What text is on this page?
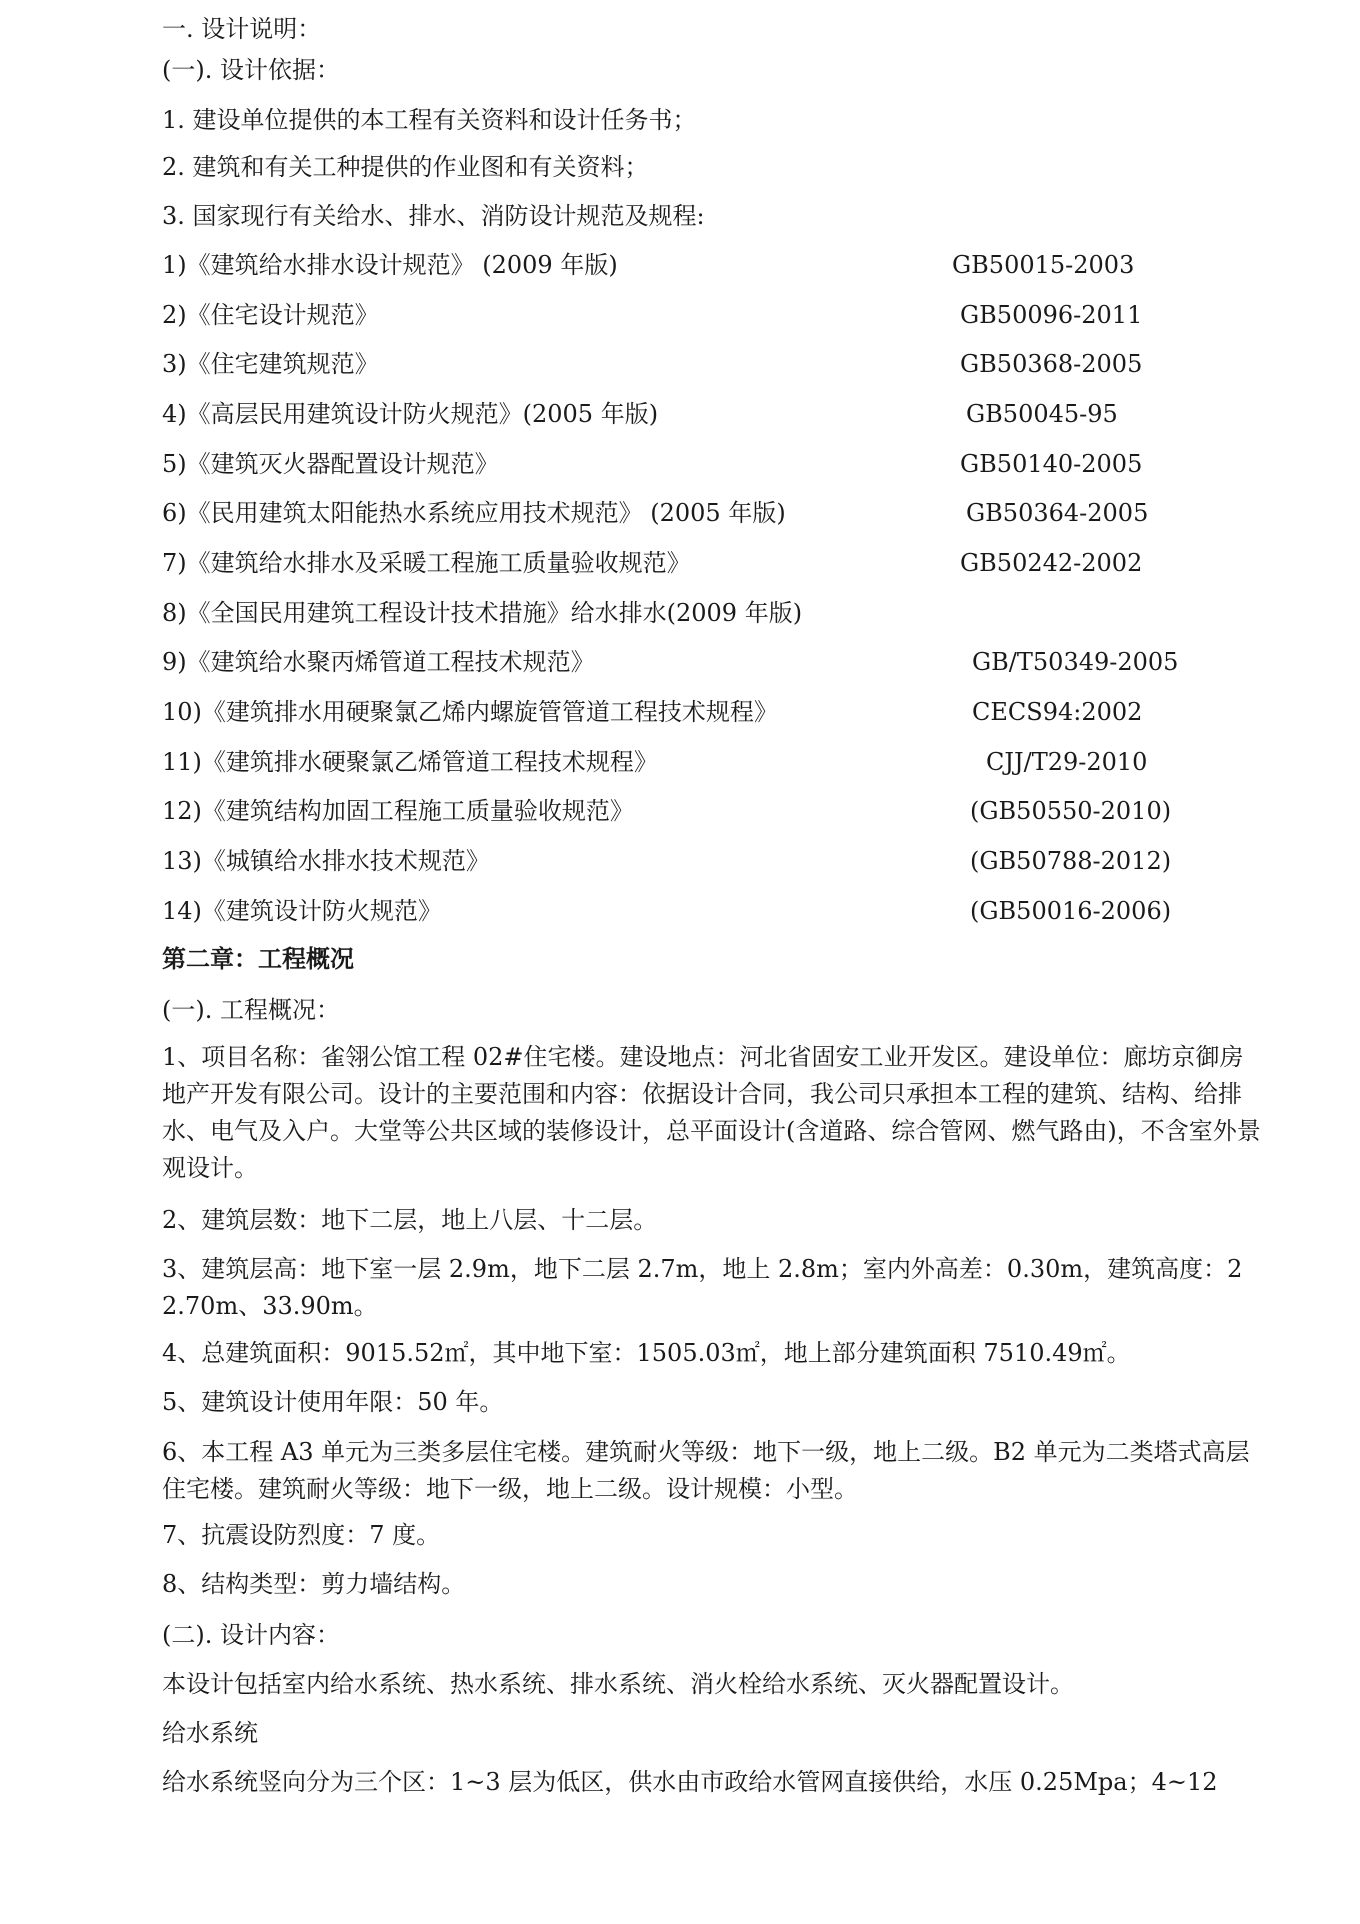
一. 设计说明：
(一). 设计依据：
1. 建设单位提供的本工程有关资料和设计任务书；
2. 建筑和有关工种提供的作业图和有关资料；
3. 国家现行有关给水、排水、消防设计规范及规程:
1)《建筑给水排水设计规范》 (2009 年版)	GB50015-2003
2)《住宅设计规范》	GB50096-2011
3)《住宅建筑规范》	GB50368-2005
4)《高层民用建筑设计防火规范》(2005 年版)	GB50045-95
5)《建筑灭火器配置设计规范》	GB50140-2005
6)《民用建筑太阳能热水系统应用技术规范》 (2005 年版)	GB50364-2005
7)《建筑给水排水及采暖工程施工质量验收规范》	GB50242-2002
8)《全国民用建筑工程设计技术措施》给水排水(2009 年版)
9)《建筑给水聚丙烯管道工程技术规范》	GB/T50349-2005
10)《建筑排水用硬聚氯乙烯内螺旋管管道工程技术规程》	CECS94:2002
11)《建筑排水硬聚氯乙烯管道工程技术规程》	CJJ/T29-2010
12)《建筑结构加固工程施工质量验收规范》	(GB50550-2010)
13)《城镇给水排水技术规范》	(GB50788-2012)
14)《建筑设计防火规范》	(GB50016-2006)
第二章：工程概况
(一). 工程概况：
1、项目名称：雀翎公馆工程 02#住宅楼。建设地点：河北省固安工业开发区。建设单位：廊坊京御房地产开发有限公司。设计的主要范围和内容：依据设计合同，我公司只承担本工程的建筑、结构、给排水、电气及入户。大堂等公共区域的装修设计，总平面设计(含道路、综合管网、燃气路由)，不含室外景观设计。
2、建筑层数：地下二层，地上八层、十二层。
3、建筑层高：地下室一层 2.9m，地下二层 2.7m，地上 2.8m；室内外高差：0.30m，建筑高度：22.70m、33.90m。
4、总建筑面积：9015.52㎡，其中地下室：1505.03㎡，地上部分建筑面积 7510.49㎡。
5、建筑设计使用年限：50 年。
6、本工程 A3 单元为三类多层住宅楼。建筑耐火等级：地下一级，地上二级。B2 单元为二类塔式高层住宅楼。建筑耐火等级：地下一级，地上二级。设计规模：小型。
7、抗震设防烈度：7 度。
8、结构类型：剪力墙结构。
(二). 设计内容：
本设计包括室内给水系统、热水系统、排水系统、消火栓给水系统、灭火器配置设计。
给水系统
给水系统竖向分为三个区：1~3 层为低区，供水由市政给水管网直接供给，水压 0.25Mpa；4~12
